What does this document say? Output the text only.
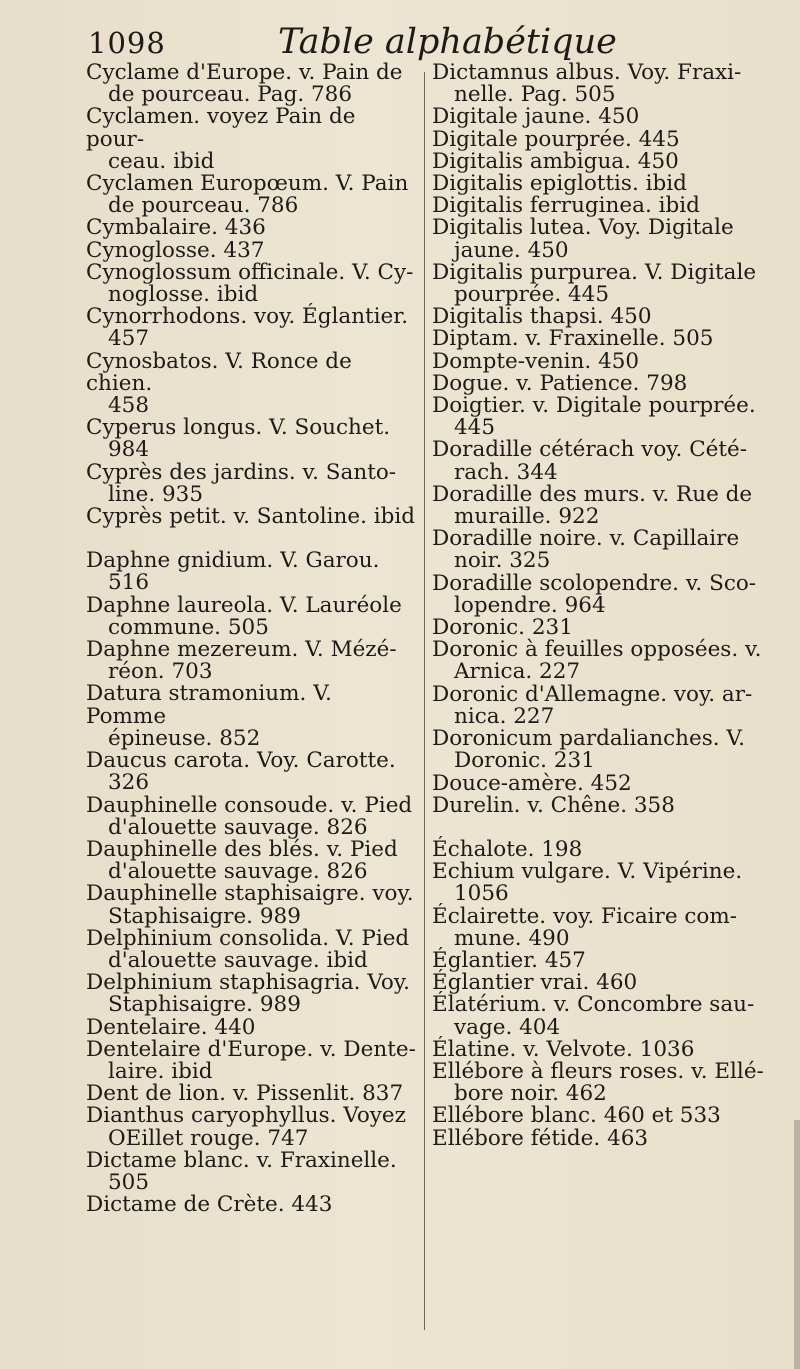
1098	Table alphabétique
Cyclame d'Europe. v. Pain de
de pourceau. Pag. 786
Cyclamen. voyez Pain de pour-
ceau. ibid
Cyclamen Europœum. V. Pain
de pourceau. 786
Cymbalaire. 436
Cynoglosse. 437
Cynoglossum officinale. V. Cy-
noglosse. ibid
Cynorrhodons. voy. Églantier.
457
Cynosbatos. V. Ronce de chien.
458
Cyperus longus. V. Souchet.
984
Cyprès des jardins. v. Santo-
line. 935
Cyprès petit. v. Santoline. ibid
Daphne gnidium. V. Garou.
516
Daphne laureola. V. Lauréole
commune. 505
Daphne mezereum. V. Mézé-
réon. 703
Datura stramonium. V. Pomme
épineuse. 852
Daucus carota. Voy. Carotte.
326
Dauphinelle consoude. v. Pied
d'alouette sauvage. 826
Dauphinelle des blés. v. Pied
d'alouette sauvage. 826
Dauphinelle staphisaigre. voy.
Staphisaigre. 989
Delphinium consolida. V. Pied
d'alouette sauvage. ibid
Delphinium staphisagria. Voy.
Staphisaigre. 989
Dentelaire. 440
Dentelaire d'Europe. v. Dente-
laire. ibid
Dent de lion. v. Pissenlit. 837
Dianthus caryophyllus. Voyez
OEillet rouge. 747
Dictame blanc. v. Fraxinelle.
505
Dictame de Crète. 443
Dictamnus albus. Voy. Fraxi-
nelle. Pag. 505
Digitale jaune. 450
Digitale pourprée. 445
Digitalis ambigua. 450
Digitalis epiglottis. ibid
Digitalis ferruginea. ibid
Digitalis lutea. Voy. Digitale
jaune. 450
Digitalis purpurea. V. Digitale
pourprée. 445
Digitalis thapsi. 450
Diptam. v. Fraxinelle. 505
Dompte-venin. 450
Dogue. v. Patience. 798
Doigtier. v. Digitale pourprée.
445
Doradille cétérach voy. Cété-
rach. 344
Doradille des murs. v. Rue de
muraille. 922
Doradille noire. v. Capillaire
noir. 325
Doradille scolopendre. v. Sco-
lopendre. 964
Doronic. 231
Doronic à feuilles opposées. v.
Arnica. 227
Doronic d'Allemagne. voy. ar-
nica. 227
Doronicum pardalianches. V.
Doronic. 231
Douce-amère. 452
Durelin. v. Chêne. 358
Échalote. 198
Echium vulgare. V. Vipérine.
1056
Éclairette. voy. Ficaire com-
mune. 490
Églantier. 457
Églantier vrai. 460
Élatérium. v. Concombre sau-
vage. 404
Élatine. v. Velvote. 1036
Ellébore à fleurs roses. v. Ellé-
bore noir. 462
Ellébore blanc. 460 et 533
Ellébore fétide. 463
